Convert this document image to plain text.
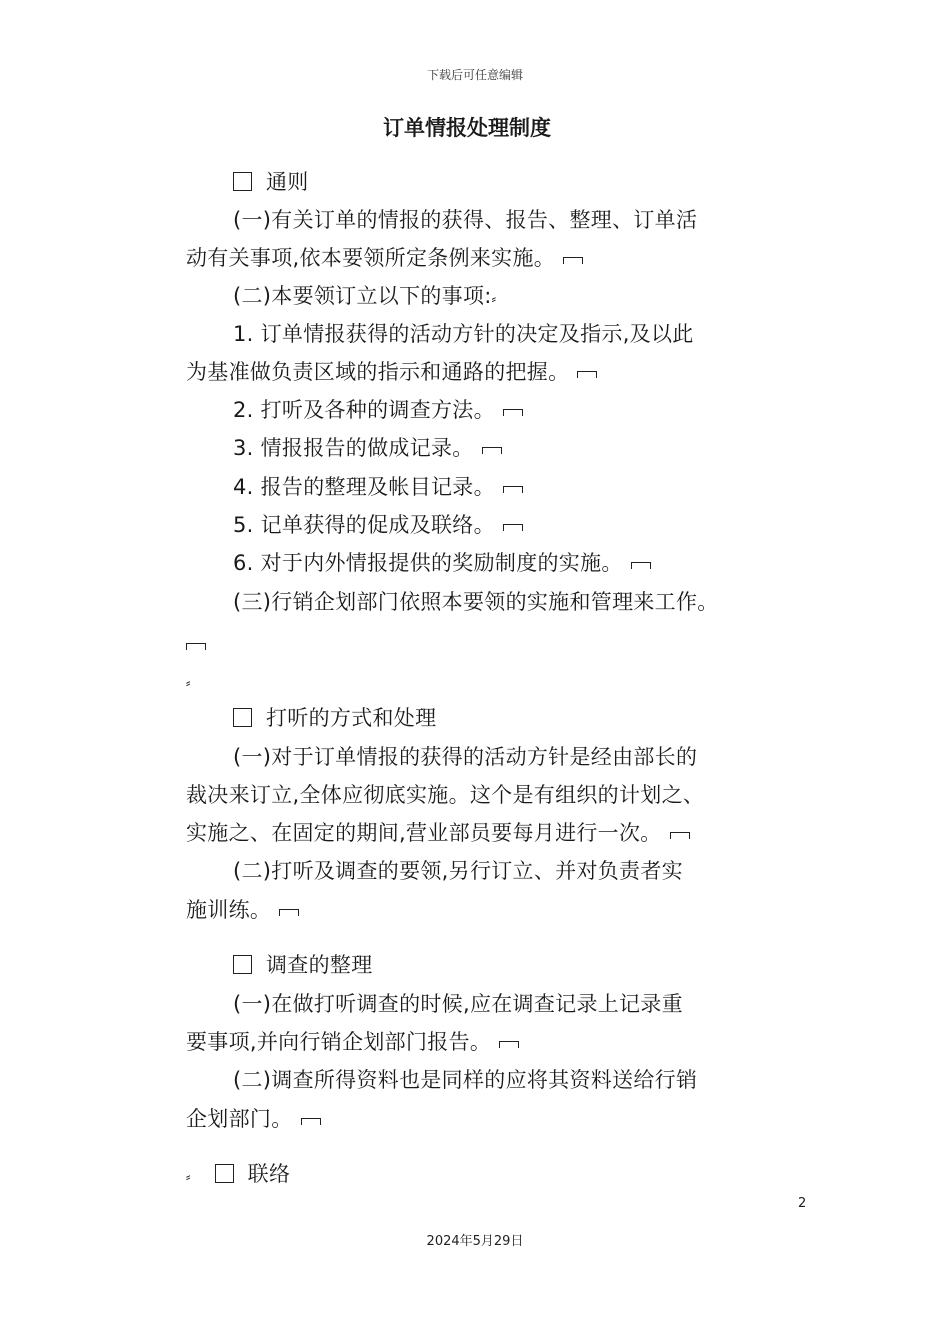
下载后可任意编辑
订单情报处理制度
通则
(一)有关订单的情报的获得、报告、整理、订单活
动有关事项,依本要领所定条例来实施。
(二)本要领订立以下的事项:⸗
1. 订单情报获得的活动方针的决定及指示,及以此
为基准做负责区域的指示和通路的把握。
2. 打听及各种的调查方法。
3. 情报报告的做成记录。
4. 报告的整理及帐目记录。
5. 记单获得的促成及联络。
6. 对于内外情报提供的奖励制度的实施。
(三)行销企划部门依照本要领的实施和管理来工作。
⸗
打听的方式和处理
(一)对于订单情报的获得的活动方针是经由部长的
裁决来订立,全体应彻底实施。这个是有组织的计划之、
实施之、在固定的期间,营业部员要每月进行一次。
(二)打听及调查的要领,另行订立、并对负责者实
施训练。
调查的整理
(一)在做打听调查的时候,应在调查记录上记录重
要事项,并向行销企划部门报告。
(二)调查所得资料也是同样的应将其资料送给行销
企划部门。
⸗	联络
2
2024年5月29日
